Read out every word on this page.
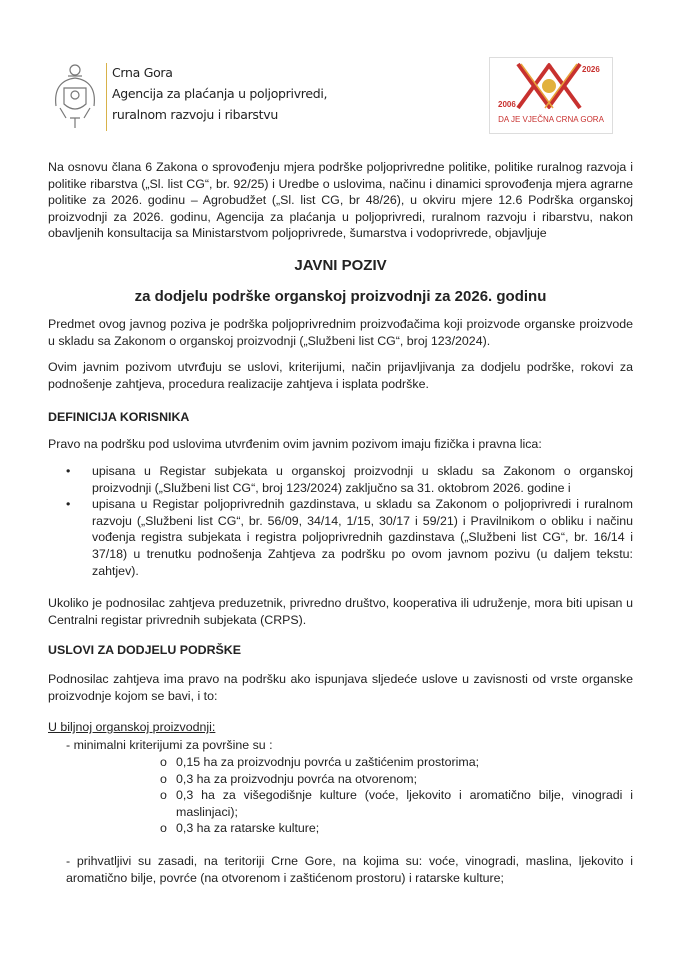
Crna Gora
Agencija za plaćanja u poljoprivredi,
ruralnom razvoju i ribarstvu
2026
2006
DA JE VJEČNA CRNA GORA
Na osnovu člana 6 Zakona o sprovođenju mjera podrške poljoprivredne politike, politike ruralnog razvoja i politike ribarstva („Sl. list CG“, br. 92/25) i Uredbe o uslovima, načinu i dinamici sprovođenja mjera agrarne politike za 2026. godinu – Agrobudžet („Sl. list CG, br 48/26), u okviru mjere 12.6 Podrška organskoj proizvodnji za 2026. godinu, Agencija za plaćanja u poljoprivredi, ruralnom razvoju i ribarstvu, nakon obavljenih konsultacija sa Ministarstvom poljoprivrede, šumarstva i vodoprivrede, objavljuje
JAVNI POZIV
za dodjelu podrške organskoj proizvodnji za 2026. godinu
Predmet ovog javnog poziva je podrška poljoprivrednim proizvođačima koji proizvode organske proizvode u skladu sa Zakonom o organskoj proizvodnji („Službeni list CG“, broj 123/2024).
Ovim javnim pozivom utvrđuju se uslovi, kriterijumi, način prijavljivanja za dodjelu podrške, rokovi za podnošenje zahtjeva, procedura realizacije zahtjeva i isplata podrške.
DEFINICIJA KORISNIKA
Pravo na podršku pod uslovima utvrđenim ovim javnim pozivom imaju fizička i pravna lica:
• upisana u Registar subjekata u organskoj proizvodnji u skladu sa Zakonom o organskoj proizvodnji („Službeni list CG“, broj 123/2024) zaključno sa 31. oktobrom 2026. godine i
• upisana u Registar poljoprivrednih gazdinstava, u skladu sa Zakonom o poljoprivredi i ruralnom razvoju („Službeni list CG“, br. 56/09, 34/14, 1/15, 30/17 i 59/21) i Pravilnikom o obliku i načinu vođenja registra subjekata i registra poljoprivrednih gazdinstava („Službeni list CG“, br. 16/14 i 37/18) u trenutku podnošenja Zahtjeva za podršku po ovom javnom pozivu (u daljem tekstu: zahtjev).
Ukoliko je podnosilac zahtjeva preduzetnik, privredno društvo, kooperativa ili udruženje, mora biti upisan u Centralni registar privrednih subjekata (CRPS).
USLOVI ZA DODJELU PODRŠKE
Podnosilac zahtjeva ima pravo na podršku ako ispunjava sljedeće uslove u zavisnosti od vrste organske proizvodnje kojom se bavi, i to:
U biljnoj organskoj proizvodnji:
- minimalni kriterijumi za površine su :
o 0,15 ha za proizvodnju povrća u zaštićenim prostorima;
o 0,3 ha za proizvodnju povrća na otvorenom;
o 0,3 ha za višegodišnje kulture (voće, ljekovito i aromatično bilje, vinogradi i maslinjaci);
o 0,3 ha za ratarske kulture;
- prihvatljivi su zasadi, na teritoriji Crne Gore, na kojima su: voće, vinogradi, maslina, ljekovito i aromatično bilje, povrće (na otvorenom i zaštićenom prostoru) i ratarske kulture;
